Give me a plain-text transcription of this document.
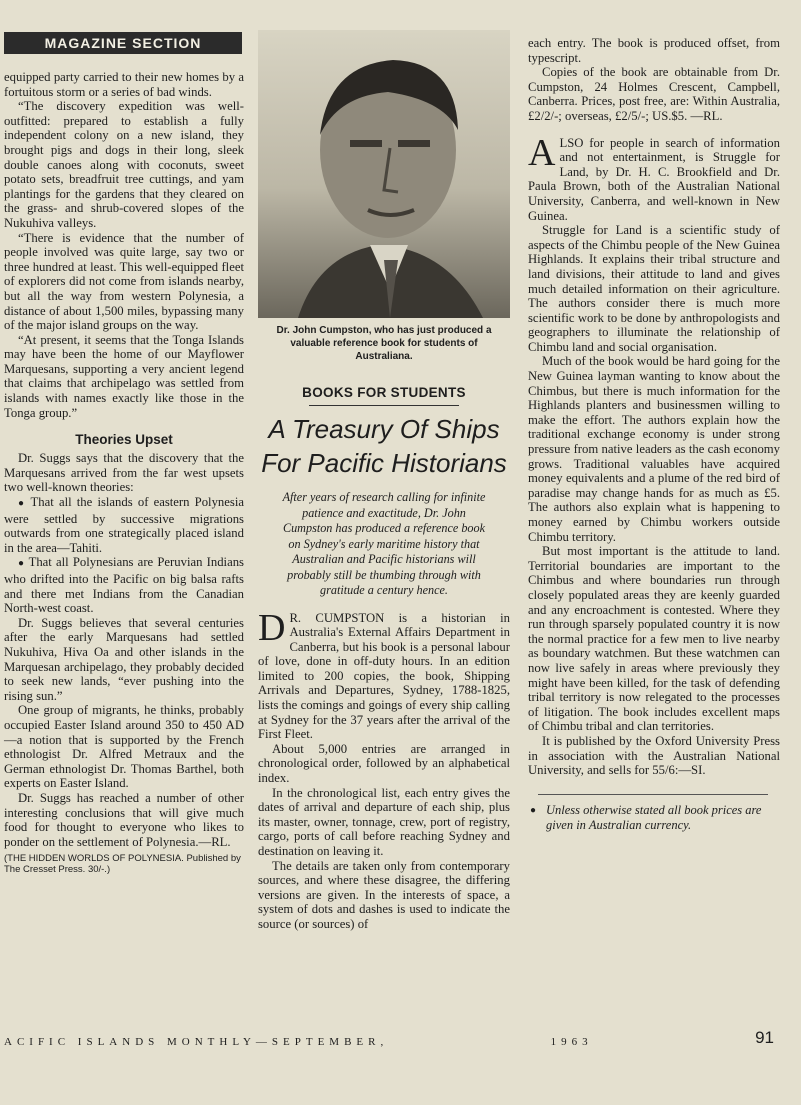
MAGAZINE SECTION

equipped party carried to their new homes by a fortuitous storm or a series of bad winds.

“The discovery expedition was well-outfitted: prepared to establish a fully independent colony on a new island, they brought pigs and dogs in their long, sleek double canoes along with coconuts, sweet potato sets, breadfruit tree cuttings, and yam plantings for the gardens that they cleared on the grass- and shrub-covered slopes of the Nukuhiva valleys.

“There is evidence that the number of people involved was quite large, say two or three hundred at least. This well-equipped fleet of explorers did not come from islands nearby, but all the way from western Polynesia, a distance of about 1,500 miles, bypassing many of the major island groups on the way.

“At present, it seems that the Tonga Islands may have been the home of our Mayflower Marquesans, supporting a very ancient legend that claims that archipelago was settled from islands with names exactly like those in the Tonga group.”

Theories Upset

Dr. Suggs says that the discovery that the Marquesans arrived from the far west upsets two well-known theories:

● That all the islands of eastern Polynesia were settled by successive migrations outwards from one strategically placed island in the area—Tahiti.

● That all Polynesians are Peruvian Indians who drifted into the Pacific on big balsa rafts and there met Indians from the Canadian North-west coast.

Dr. Suggs believes that several centuries after the early Marquesans had settled Nukuhiva, Hiva Oa and other islands in the Marquesan archipelago, they probably decided to seek new lands, “ever pushing into the rising sun.”

One group of migrants, he thinks, probably occupied Easter Island around 350 to 450 AD—a notion that is supported by the French ethnologist Dr. Alfred Metraux and the German ethnologist Dr. Thomas Barthel, both experts on Easter Island.

Dr. Suggs has reached a number of other interesting conclusions that will give much food for thought to everyone who likes to ponder on the settlement of Polynesia.—RL.

(THE HIDDEN WORLDS OF POLYNESIA. Published by The Cresset Press. 30/-.)
Dr. John Cumpston, who has just produced a valuable reference book for students of Australiana.
BOOKS FOR STUDENTS
A Treasury Of Ships For Pacific Historians
After years of research calling for infinite patience and exactitude, Dr. John Cumpston has produced a reference book on Sydney's early maritime history that Australian and Pacific historians will probably still be thumbing through with gratitude a century hence.

D R. CUMPSTON is a historian in Australia's External Affairs Department in Canberra, but his book is a personal labour of love, done in off-duty hours. In an edition limited to 200 copies, the book, Shipping Arrivals and Departures, Sydney, 1788-1825, lists the comings and goings of every ship calling at Sydney for the 37 years after the arrival of the First Fleet.

About 5,000 entries are arranged in chronological order, followed by an alphabetical index.

In the chronological list, each entry gives the dates of arrival and departure of each ship, plus its master, owner, tonnage, crew, port of registry, cargo, ports of call before reaching Sydney and destination on leaving it.

The details are taken only from contemporary sources, and where these disagree, the differing versions are given. In the interests of space, a system of dots and dashes is used to indicate the source (or sources) of

each entry. The book is produced offset, from typescript.

Copies of the book are obtainable from Dr. Cumpston, 24 Holmes Crescent, Campbell, Canberra. Prices, post free, are: Within Australia, £2/2/-; overseas, £2/5/-; US.$5. —RL.

ALSO for people in search of information and not entertainment, is Struggle for Land, by Dr. H. C. Brookfield and Dr. Paula Brown, both of the Australian National University, Canberra, and well-known in New Guinea.

Struggle for Land is a scientific study of aspects of the Chimbu people of the New Guinea Highlands. It explains their tribal structure and land divisions, their attitude to land and gives much detailed information on their agriculture. The authors consider there is much more scientific work to be done by anthropologists and geographers to illuminate the relationship of Chimbu land and social organisation.

Much of the book would be hard going for the New Guinea layman wanting to know about the Chimbus, but there is much information for the Highlands planters and businessmen willing to make the effort. The authors explain how the traditional exchange economy is under strong pressure from native leaders as the cash economy grows. Traditional valuables have acquired money equivalents and a plume of the red bird of paradise may change hands for as much as £5. The authors also explain what is happening to money earned by Chimbu workers outside Chimbu territory.

But most important is the attitude to land. Territorial boundaries are important to the Chimbus and where boundaries run through closely populated areas they are keenly guarded and any encroachment is contested. Where they run through sparsely populated country it is now the normal practice for a few men to live nearby as boundary watchmen. But these watchmen can now live safely in areas where previously they might have been killed, for the task of defending tribal territory is now relegated to the processes of litigation. The book includes excellent maps of Chimbu tribal and clan territories.

It is published by the Oxford University Press in association with the Australian National University, and sells for 55/6:—SI.

● Unless otherwise stated all book prices are given in Australian currency.
ACIFIC ISLANDS MONTHLY—SEPTEMBER,	1963	91
